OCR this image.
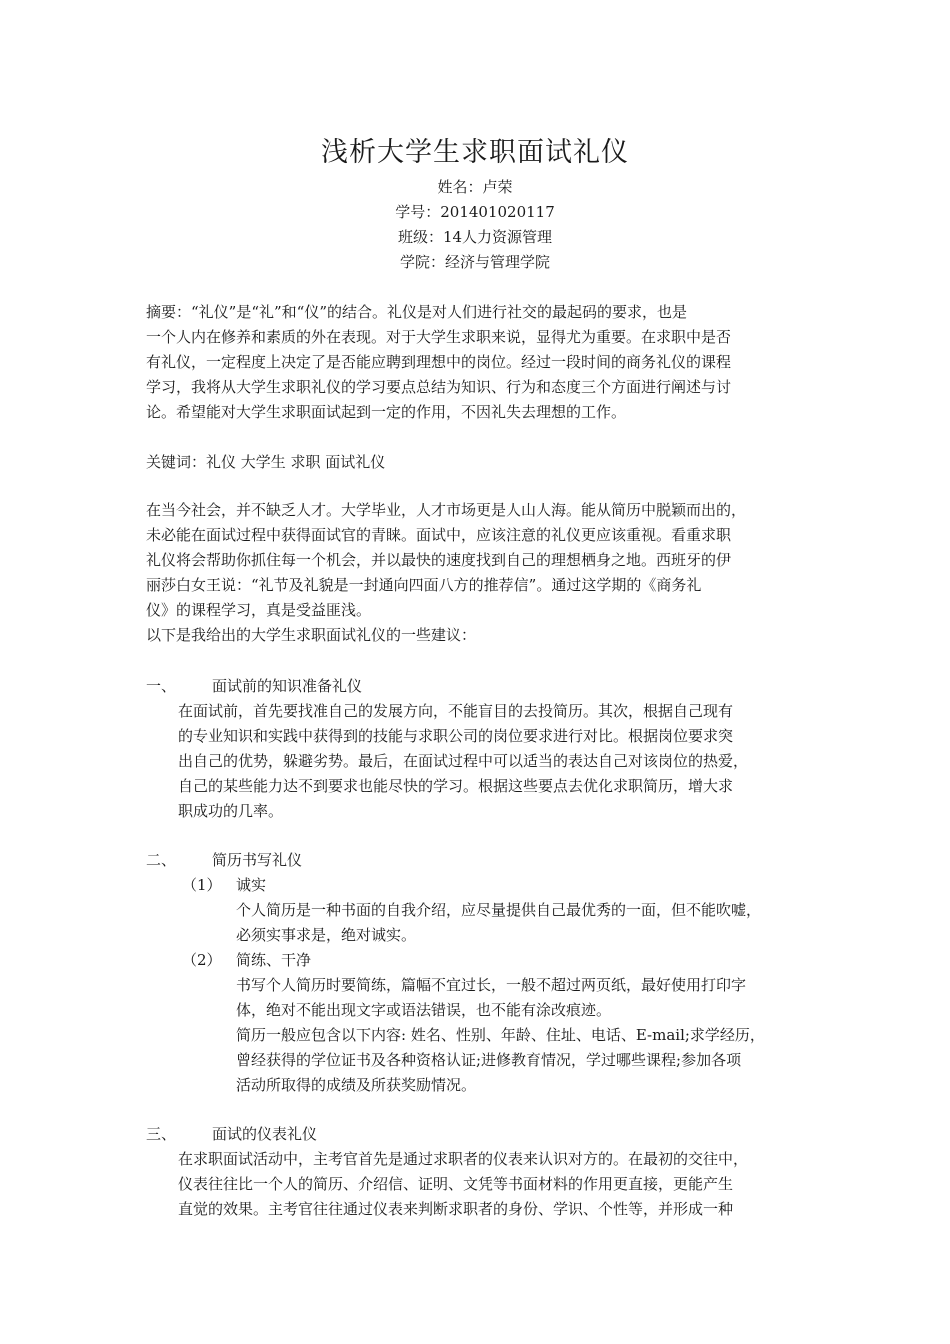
浅析大学生求职面试礼仪
姓名：卢荣
学号：201401020117
班级：14人力资源管理
学院：经济与管理学院
摘要：“礼仪”是“礼”和“仪”的结合。礼仪是对人们进行社交的最起码的要求，也是
一个人内在修养和素质的外在表现。对于大学生求职来说，显得尤为重要。在求职中是否
有礼仪，一定程度上决定了是否能应聘到理想中的岗位。经过一段时间的商务礼仪的课程
学习，我将从大学生求职礼仪的学习要点总结为知识、行为和态度三个方面进行阐述与讨
论。希望能对大学生求职面试起到一定的作用，不因礼失去理想的工作。
关键词：礼仪 大学生 求职 面试礼仪
在当今社会，并不缺乏人才。大学毕业，人才市场更是人山人海。能从简历中脱颖而出的，
未必能在面试过程中获得面试官的青睐。面试中，应该注意的礼仪更应该重视。看重求职
礼仪将会帮助你抓住每一个机会，并以最快的速度找到自己的理想栖身之地。西班牙的伊
丽莎白女王说：“礼节及礼貌是一封通向四面八方的推荐信”。通过这学期的《商务礼
仪》的课程学习，真是受益匪浅。
以下是我给出的大学生求职面试礼仪的一些建议：
一、 面试前的知识准备礼仪
在面试前，首先要找准自己的发展方向，不能盲目的去投简历。其次，根据自己现有
的专业知识和实践中获得到的技能与求职公司的岗位要求进行对比。根据岗位要求突
出自己的优势，躲避劣势。最后，在面试过程中可以适当的表达自己对该岗位的热爱，
自己的某些能力达不到要求也能尽快的学习。根据这些要点去优化求职简历，增大求
职成功的几率。
二、 简历书写礼仪
（1） 诚实
个人简历是一种书面的自我介绍，应尽量提供自己最优秀的一面，但不能吹嘘，
必须实事求是，绝对诚实。
（2） 简练、干净
书写个人简历时要简练，篇幅不宜过长，一般不超过两页纸，最好使用打印字
体，绝对不能出现文字或语法错误，也不能有涂改痕迹。
简历一般应包含以下内容: 姓名、性别、年龄、住址、电话、E-mail;求学经历，
曾经获得的学位证书及各种资格认证;进修教育情况，学过哪些课程;参加各项
活动所取得的成绩及所获奖励情况。
三、 面试的仪表礼仪
在求职面试活动中，主考官首先是通过求职者的仪表来认识对方的。在最初的交往中，
仪表往往比一个人的简历、介绍信、证明、文凭等书面材料的作用更直接，更能产生
直觉的效果。主考官往往通过仪表来判断求职者的身份、学识、个性等，并形成一种
